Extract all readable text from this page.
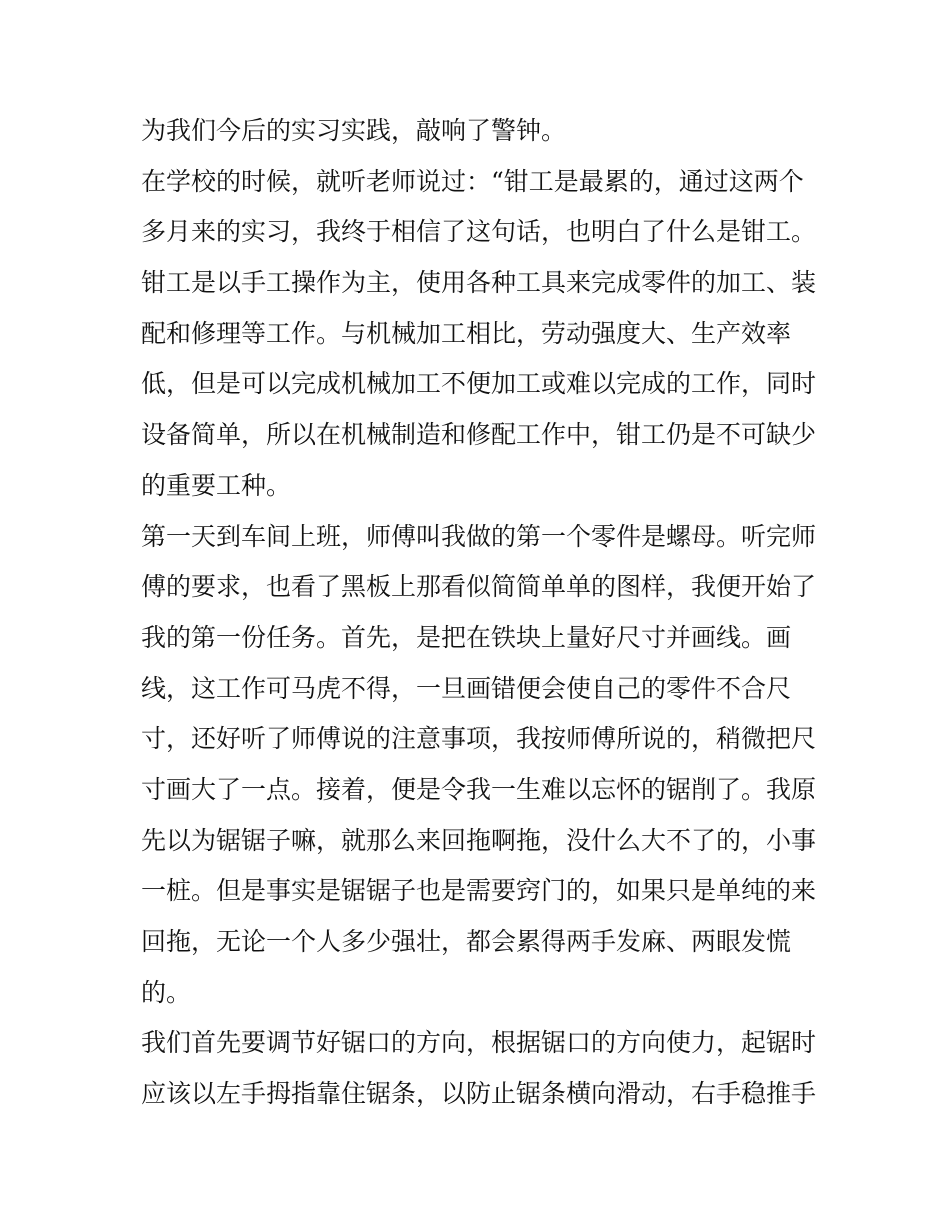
为我们今后的实习实践，敲响了警钟。
在学校的时候，就听老师说过：“钳工是最累的，通过这两个
多月来的实习，我终于相信了这句话，也明白了什么是钳工。
钳工是以手工操作为主，使用各种工具来完成零件的加工、装
配和修理等工作。与机械加工相比，劳动强度大、生产效率
低，但是可以完成机械加工不便加工或难以完成的工作，同时
设备简单，所以在机械制造和修配工作中，钳工仍是不可缺少
的重要工种。
第一天到车间上班，师傅叫我做的第一个零件是螺母。听完师
傅的要求，也看了黑板上那看似简简单单的图样，我便开始了
我的第一份任务。首先，是把在铁块上量好尺寸并画线。画
线，这工作可马虎不得，一旦画错便会使自己的零件不合尺
寸，还好听了师傅说的注意事项，我按师傅所说的，稍微把尺
寸画大了一点。接着，便是令我一生难以忘怀的锯削了。我原
先以为锯锯子嘛，就那么来回拖啊拖，没什么大不了的，小事
一桩。但是事实是锯锯子也是需要窍门的，如果只是单纯的来
回拖，无论一个人多少强壮，都会累得两手发麻、两眼发慌
的。
我们首先要调节好锯口的方向，根据锯口的方向使力，起锯时
应该以左手拇指靠住锯条，以防止锯条横向滑动，右手稳推手
